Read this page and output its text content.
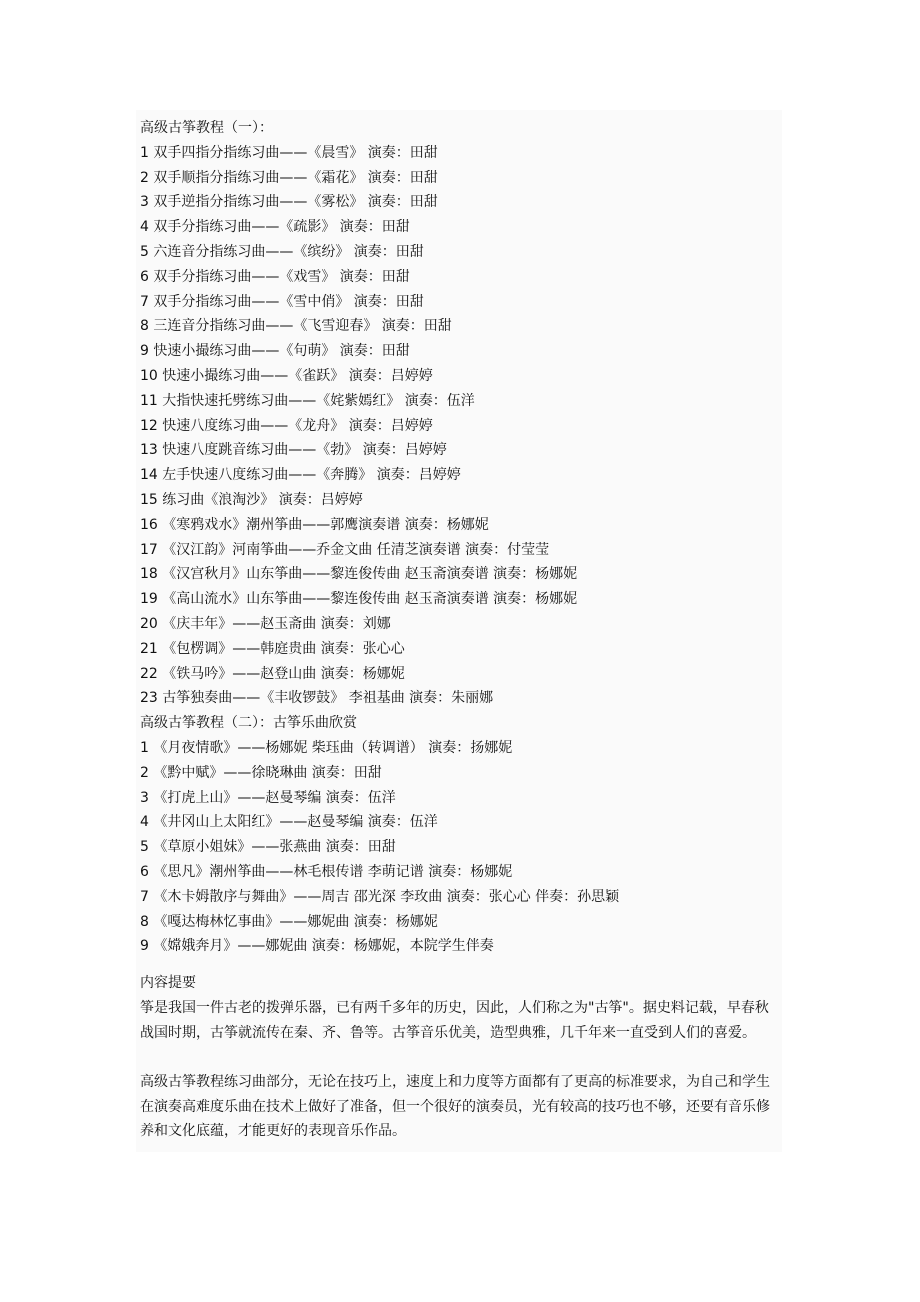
高级古筝教程（一）：
1 双手四指分指练习曲——《晨雪》 演奏：田甜
2 双手顺指分指练习曲——《霜花》 演奏：田甜
3 双手逆指分指练习曲——《雾松》 演奏：田甜
4 双手分指练习曲——《疏影》 演奏：田甜
5 六连音分指练习曲——《缤纷》 演奏：田甜
6 双手分指练习曲——《戏雪》 演奏：田甜
7 双手分指练习曲——《雪中俏》 演奏：田甜
8 三连音分指练习曲——《飞雪迎春》 演奏：田甜
9 快速小撮练习曲——《句萌》 演奏：田甜
10 快速小撮练习曲——《雀跃》 演奏：吕婷婷
11 大指快速托劈练习曲——《姹紫嫣红》 演奏：伍洋
12 快速八度练习曲——《龙舟》 演奏：吕婷婷
13 快速八度跳音练习曲——《勃》 演奏：吕婷婷
14 左手快速八度练习曲——《奔腾》 演奏：吕婷婷
15 练习曲《浪淘沙》 演奏：吕婷婷
16 《寒鸦戏水》潮州筝曲——郭鹰演奏谱 演奏：杨娜妮
17 《汉江韵》河南筝曲——乔金文曲 任清芝演奏谱 演奏：付莹莹
18 《汉宫秋月》山东筝曲——黎连俊传曲 赵玉斋演奏谱 演奏：杨娜妮
19 《高山流水》山东筝曲——黎连俊传曲 赵玉斋演奏谱 演奏：杨娜妮
20 《庆丰年》——赵玉斋曲 演奏：刘娜
21 《包楞调》——韩庭贵曲 演奏：张心心
22 《铁马吟》——赵登山曲 演奏：杨娜妮
23 古筝独奏曲——《丰收锣鼓》 李祖基曲 演奏：朱丽娜
高级古筝教程（二）：古筝乐曲欣赏
1 《月夜情歌》——杨娜妮 柴珏曲（转调谱） 演奏：扬娜妮
2 《黔中赋》——徐晓琳曲 演奏：田甜
3 《打虎上山》——赵曼琴编 演奏：伍洋
4 《井冈山上太阳红》——赵曼琴编 演奏：伍洋
5 《草原小姐妹》——张燕曲 演奏：田甜
6 《思凡》潮州筝曲——林毛根传谱 李萌记谱 演奏：杨娜妮
7 《木卡姆散序与舞曲》——周吉 邵光深 李玫曲 演奏：张心心 伴奏：孙思颖
8 《嘎达梅林忆事曲》——娜妮曲 演奏：杨娜妮
9 《嫦娥奔月》——娜妮曲 演奏：杨娜妮，本院学生伴奏
内容提要
筝是我国一件古老的拨弹乐器，已有两千多年的历史，因此，人们称之为"古筝"。据史料记载，早春秋战国时期，古筝就流传在秦、齐、鲁等。古筝音乐优美，造型典雅，几千年来一直受到人们的喜爱。
高级古筝教程练习曲部分，无论在技巧上，速度上和力度等方面都有了更高的标准要求，为自己和学生在演奏高难度乐曲在技术上做好了准备，但一个很好的演奏员，光有较高的技巧也不够，还要有音乐修养和文化底蕴，才能更好的表现音乐作品。
